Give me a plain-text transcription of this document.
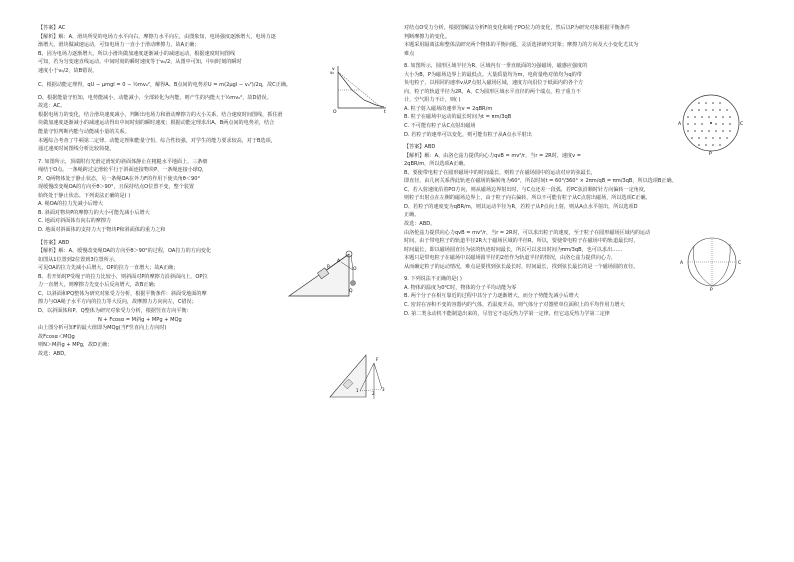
【答案】AC
【解析】解：A、滑块所受的电场力水平向右，摩擦力水平向左，由图象知，电场强度逐渐增大，电场力逐
渐增大，滑块做减速运动，可知电场力一直小于滑动摩擦力，故A正确；
B、因为电场力逐渐增大，所以小滑块做加速度逐渐减小的减速运动，根据速度时间图线
可知，若为匀变速直线运动，中间时刻的瞬时速度等于v₀/2，从图中可知，中间时刻的瞬时
速度小于v₀/2，故B错误。
C、根据动能定理得，qU − μmgl = 0 − ½mv₀²，解得A、B点间的电势差U = m(2μgl − v₀²)/2q，故C正确。
D、根据能量守恒知，电势能减小，动能减小，全部转化为内能，则产生的内能大于½mv₀²，故D错误。
故选：AC。
根据电场力的变化，结合滑块速度减小，判断出电场力和滑动摩擦力的大小关系，结合速度时间图线，抓住滑
块做加速度逐渐减小的减速运动得出中间时刻的瞬时速度；根据动能定理求出A、B两点间的电势差，结合
能量守恒判断内能与动能减小量的关系。
本题综合考查了牛顿第二定律、动能定理和能量守恒，综合性较强，对学生的能力要求较高，对于B选项，
通过速度时间图线分析比较简捷。
7. 如图所示，顶端附有光滑定滑轮的斜面体静止在粗糙水平地面上，三条细
绳结于O点。一条绳跨过定滑轮平行于斜面连接物块P，一条绳连接小球Q，
P、Q两物体处于静止状态，另一条绳OA在外力F的作用下使夹角θ＜90°
现缓慢改变绳OA的方向至θ＞90°，且保持结点O位置不变，整个装置
始终处于静止状态。下列说法正确的是( )
A. 绳OA的拉力先减小后增大
B. 斜面对物块P的摩擦力的大小可能先减小后增大
C. 地面对斜面体有向右的摩擦力
D. 地面对斜面体的支持力大于物块P和斜面体的重力之和
【答案】ABD
【解析】解：A、缓慢改变绳OA的方向至θ＞90°的过程，OA拉力的方向变化
如图从1位置到2位置到3位置所示，
可见OA的拉力先减小后增大，OP的拉力一直增大；故A正确；
B、若开始时P受绳子的拉力比较小，则斜面对P的摩擦力沿斜面向上，OP拉
力一直增大，则摩擦力先变小后反向增大，故B正确；
C、以斜面和PQ整体为研究对象受力分析，根据平衡条件：斜面受地面的摩
擦力与OA绳子水平方向的拉力等大反向，故摩擦力方向向左，C错误；
D、以斜面体和P、Q整体为研究对象受力分析，根据竖直方向平衡：
N + Fcosα = M斜g + MPg + MQg
由上图分析可知F的最大值即为MQg(当F竖直向上方向时)
故Fcosα＜MQg
则N＞M斜g + MPg，故D正确；
故选：ABD。
对结点O受力分析，根据图解法分析F的变化和绳子PO拉力的变化，然后以P为研究对象根据平衡条件
判断摩擦力的变化。
本题采用隔离法和整体法研究两个物体的平衡问题，灵活选择研究对象；摩擦力的方向及大小变化尤其为
难点
8. 如图所示，圆形区域半径为R，区域内有一垂直纸面的匀强磁场，磁感应强度的
大小为B，P为磁场边界上的最低点。大量质量均为m，电荷量绝对值均为q的带
负电粒子，以相同的速率v从P点射入磁场区域，速度方向沿位于纸面内的各个方
向，粒子的轨道半径为2R，A、C为圆形区域水平直径的两个端点，粒子重力不
计，空气阻力不计，则( )
A. 粒子射入磁场的速率为v = 2qBR/m
B. 粒子在磁场中运动的最长时间为t = πm/3qB
C. 不可能有粒子从C点射出磁场
D. 若粒子的速率可以变化，则可能有粒子从A点水平射出
【答案】ABD
【解析】解：A、由洛仑兹力提供向心力qvB = mv²/r，当r = 2R时，速度v =
2qBR/m，所以选项A正确。
B、要使带电粒子在圆形磁场中的时间最长，则粒子在磁场圆中的运动对应的弦最长，
即直径，由几何关系得此轨迹在磁场的偏转角为60°，所以时间t = 60°/360° × 2πm/qB = πm/3qB，所以选项B正确。
C、若入射速度沿着PO方向，则从磁场边界射出时，与C点还差一段弧，若PC弦沿顺时针方向偏转一定角度，
则粒子出射点在左侧的磁场边界上，由于粒子向右偏转，所以不可能有粒子从C点射出磁场，所以选项C正确。
D、若粒子的速度变为qBR/m，则其运动半径为R，若粒子从P点向上射，则从A点水平射出，所以选项D
正确。
故选：ABD。
由洛伦兹力提供向心力qvB = mv²/r，当r = 2R时，可以求出粒子的速度，至于粒子在圆形磁场区域内的运动
时间，由于带电粒子的轨道半径2R大于磁场区域的半径R，所以，要使带电粒子在磁场中的轨道最长时，
时间最长，即以磁场圆直径为弦的轨迹时间最长，所以可以求出时间为πm/3qB，也可以求出……
本题只是带电粒子在磁场中以磁场圆半径的2倍作为轨道半径的情况，由洛仑兹力提供向心力，
从而确定粒子的运动情况，难点是要找到弦长最长时，时间最长，找到弦长最长的是一个磁场圆的直径。
9. 下列说法不正确的是( )
A. 物体的温度为0℃时，物体的分子平均动能为零
B. 两个分子在相互靠近的过程中其分子力逐渐增大，而分子势能先减小后增大
C. 密封在容积不变的容器内的气体，若温度升高，则气体分子对器壁单位面积上的平均作用力增大
D. 第二类永动机不能制造出来的，尽管它不违反热力学第一定律，但它违反热力学第二定律
v
v₀
t
O
P
Q
O
A
F
1
2
3
A	C
P
A	C
P
